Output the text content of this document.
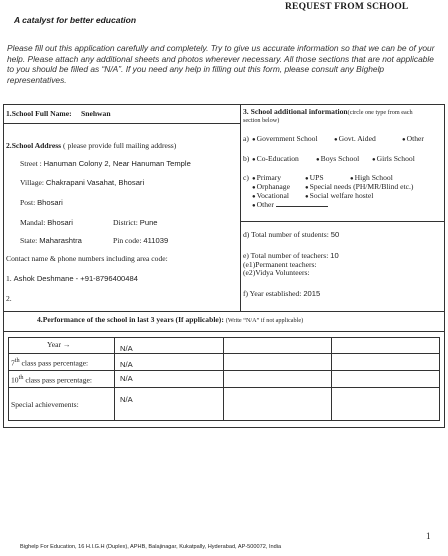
REQUEST FROM SCHOOL
A catalyst for better education
Please fill out this application carefully and completely. Try to give us accurate information so that we can be of your help. Please attach any additional sheets and photos wherever necessary. All those sections that are not applicable to you should be filled as “N/A”. If you need any help in filling out this form, please consult any Bighelp representatives.
1.School Full Name: Snehwan
2.School Address ( please provide full mailing address)
Street : Hanuman Colony 2, Near Hanuman Temple
Village: Chakrapani Vasahat, Bhosari
Post: Bhosari
Mandal: Bhosari	District: Pune
State: Maharashtra	Pin code: 411039
Contact name & phone numbers including area code:
1. Ashok Deshmane - +91-8796400484
2.
3. School additional information(circle one type from each
section below)
a) ●Government School	●Govt. Aided	●Other
b) ●Co-Education	●Boys School ●Girls School
c) ●Primary	●UPS	●High School
●Orphanage	●Special needs (PH/MR/Blind etc.)
●Vocational	●Social welfare hostel
●Other
d) Total number of students: 50
e) Total number of teachers: 10
(e1)Permanent teachers:
(e2)Vidya Volunteers:
f) Year established: 2015
4.Performance of the school in last 3 years (If applicable): (Write “N/A” if not applicable)
Year →	N/A
7th class pass percentage:	N/A
10th class pass percentage:	N/A
Special achievements:
N/A
1
Bighelp For Education, 16 H.I.G.H (Duplex), APHB, Balajinagar, Kukatpally, Hyderabad, AP-500072, India
